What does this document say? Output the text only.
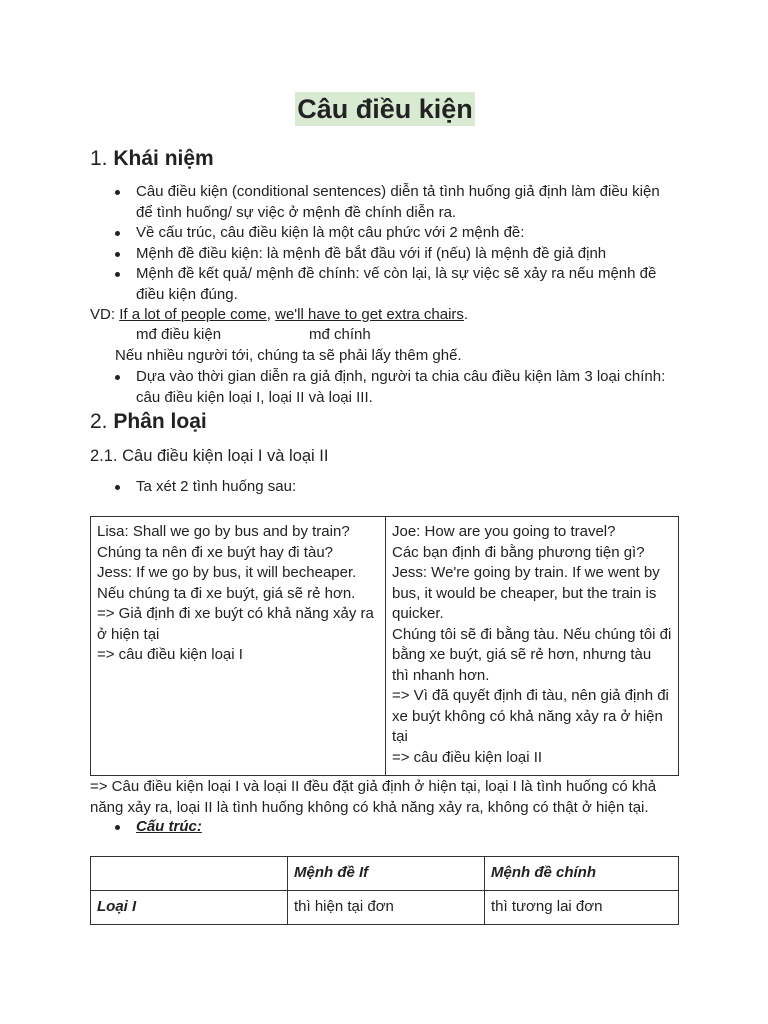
Câu điều kiện
1. Khái niệm
Câu điều kiện (conditional sentences) diễn tả tình huống giả định làm điều kiện để tình huống/ sự việc ở mệnh đề chính diễn ra.
Về cấu trúc, câu điều kiện là một câu phức với 2 mệnh đề:
Mệnh đề điều kiện: là mệnh đề bắt đầu với if (nếu) là mệnh đề giả định
Mệnh đề kết quả/ mệnh đề chính: vế còn lại, là sự việc sẽ xảy ra nếu mệnh đề điều kiện đúng.
VD: If a lot of people come, we'll have to get extra chairs.
mđ điều kiện	mđ chính
Nếu nhiều người tới, chúng ta sẽ phải lấy thêm ghế.
Dựa vào thời gian diễn ra giả định, người ta chia câu điều kiện làm 3 loại chính: câu điều kiện loại I, loại II và loại III.
2. Phân loại
2.1. Câu điều kiện loại I và loại II
Ta xét 2 tình huống sau:
Lisa: Shall we go by bus and by train?
Chúng ta nên đi xe buýt hay đi tàu?
Jess: If we go by bus, it will becheaper.
Nếu chúng ta đi xe buýt, giá sẽ rẻ hơn.
=> Giả định đi xe buýt có khả năng xảy ra ở hiện tại
=> câu điều kiện loại I

Joe: How are you going to travel?
Các bạn định đi bằng phương tiện gì?
Jess: We're going by train. If we went by bus, it would be cheaper, but the train is quicker.
Chúng tôi sẽ đi bằng tàu. Nếu chúng tôi đi bằng xe buýt, giá sẽ rẻ hơn, nhưng tàu thì nhanh hơn.
=> Vì đã quyết định đi tàu, nên giả định đi xe buýt không có khả năng xảy ra ở hiện tại
=> câu điều kiện loại II
=> Câu điều kiện loại I và loại II đều đặt giả định ở hiện tại, loại I là tình huống có khả năng xảy ra, loại II là tình huống không có khả năng xảy ra, không có thật ở hiện tại.
Cấu trúc:
	Mệnh đề If	Mệnh đề chính
Loại I	thì hiện tại đơn	thì tương lai đơn
